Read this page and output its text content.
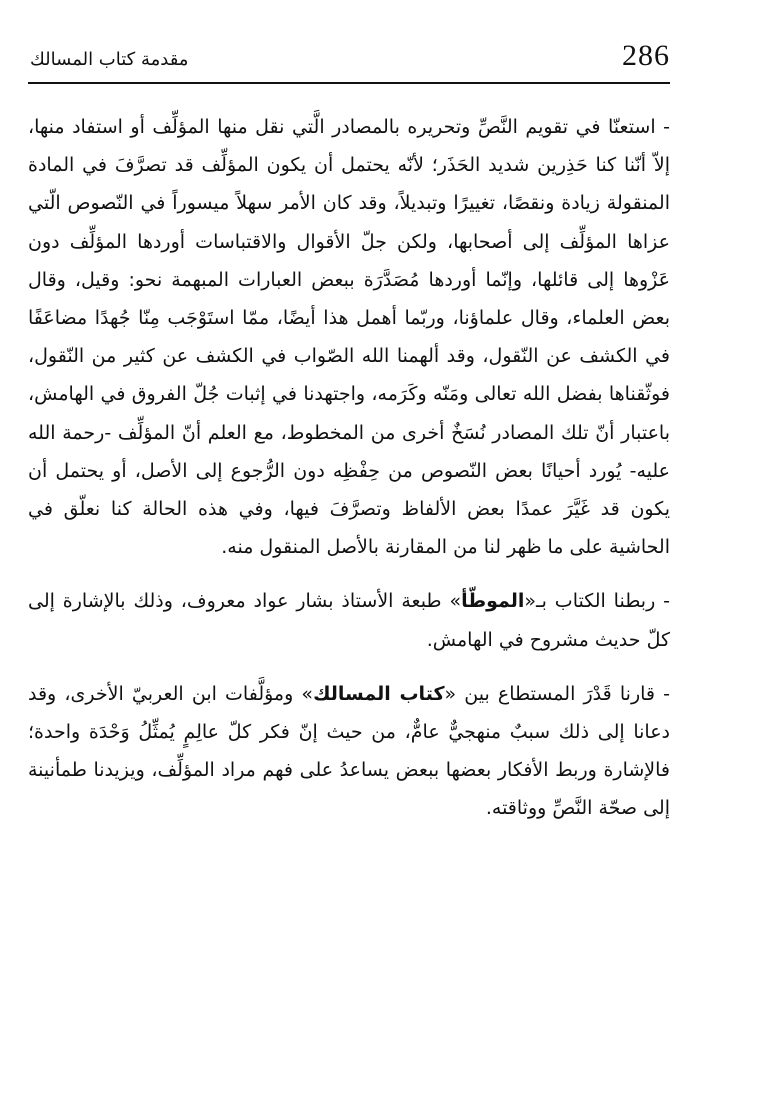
286
مقدمة كتاب المسالك

- استعنّا في تقويم النَّصِّ وتحريره بالمصادر الَّتي نقل منها المؤلِّف أو استفاد منها، إلاّ أنّنا كنا حَذِرين شديد الحَذَر؛ لأنّه يحتمل أن يكون المؤلِّف قد تصرَّفَ في المادة المنقولة زيادة ونقصًا، تغييرًا وتبديلاً، وقد كان الأمر سهلاً ميسوراً في النّصوص الّتي عزاها المؤلِّف إلى أصحابها، ولكن جلّ الأقوال والاقتباسات أوردها المؤلِّف دون عَزْوها إلى قائلها، وإنّما أوردها مُصَدَّرَة ببعض العبارات المبهمة نحو: وقيل، وقال بعض العلماء، وقال علماؤنا، وربّما أهمل هذا أيضًا، ممّا استَوْجَب مِنّا جُهدًا مضاعَفًا في الكشف عن النّقول، وقد ألهمنا الله الصّواب في الكشف عن كثير من النّقول، فوثّقناها بفضل الله تعالى ومَنّه وكَرَمه، واجتهدنا في إثبات جُلّ الفروق في الهامش، باعتبار أنّ تلك المصادر نُسَخٌ أخرى من المخطوط، مع العلم أنّ المؤلِّف -رحمة الله عليه- يُورد أحيانًا بعض النّصوص من حِفْظِه دون الرُّجوع إلى الأصل، أو يحتمل أن يكون قد غَيَّرَ عمدًا بعض الألفاظ وتصرَّفَ فيها، وفي هذه الحالة كنا نعلّق في الحاشية على ما ظهر لنا من المقارنة بالأصل المنقول منه.

- ربطنا الكتاب بـ«الموطّأ» طبعة الأستاذ بشار عواد معروف، وذلك بالإشارة إلى كلّ حديث مشروح في الهامش.

- قارنا قَدْرَ المستطاع بين «كتاب المسالك» ومؤلَّفات ابن العربيّ الأخرى، وقد دعانا إلى ذلك سببٌ منهجيٌّ عامٌّ، من حيث إنّ فكر كلّ عالِمٍ يُمثِّلُ وَحْدَة واحدة؛ فالإشارة وربط الأفكار بعضها ببعض يساعدُ على فهم مراد المؤلِّف، ويزيدنا طمأنينة إلى صحّة النَّصِّ ووثاقته.
